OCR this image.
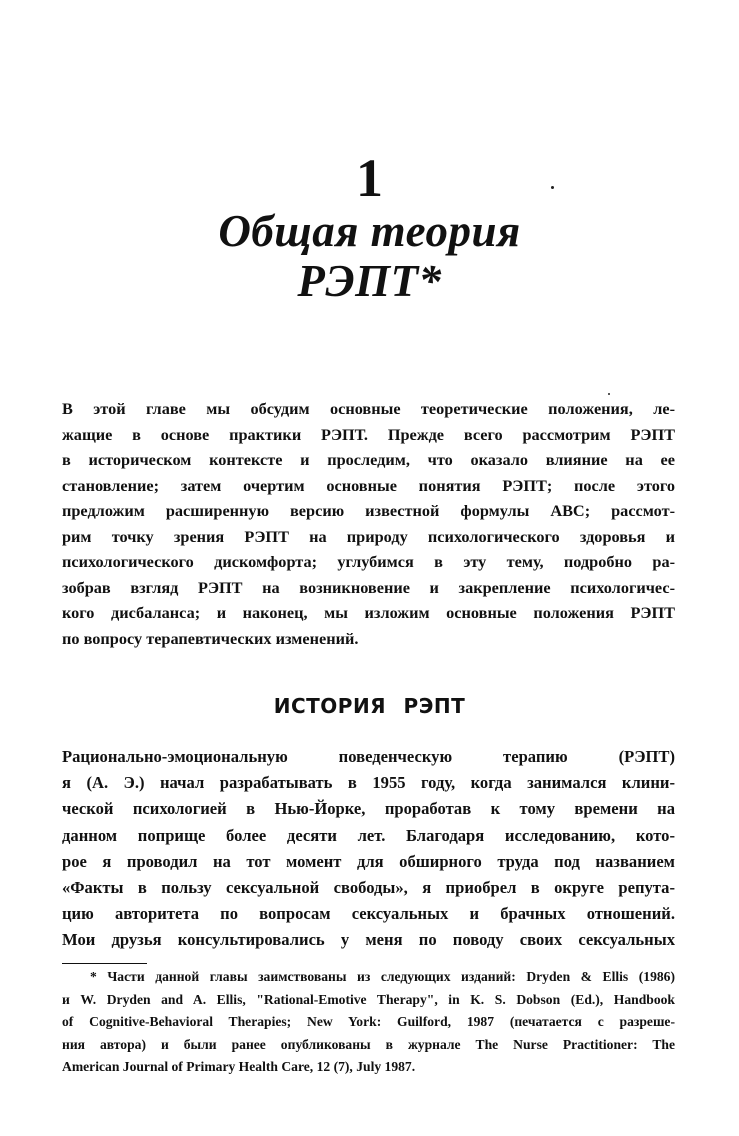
1
Общая теория
РЭПТ*

В этой главе мы обсудим основные теоретические положения, ле-
жащие в основе практики РЭПТ. Прежде всего рассмотрим РЭПТ
в историческом контексте и проследим, что оказало влияние на ее
становление; затем очертим основные понятия РЭПТ; после этого
предложим расширенную версию известной формулы АВС; рассмот-
рим точку зрения РЭПТ на природу психологического здоровья и
психологического дискомфорта; углубимся в эту тему, подробно ра-
зобрав взгляд РЭПТ на возникновение и закрепление психологичес-
кого дисбаланса; и наконец, мы изложим основные положения РЭПТ
по вопросу терапевтических изменений.

ИСТОРИЯ РЭПТ

Рационально-эмоциональную поведенческую терапию (РЭПТ)
я (А. Э.) начал разрабатывать в 1955 году, когда занимался клини-
ческой психологией в Нью-Йорке, проработав к тому времени на
данном поприще более десяти лет. Благодаря исследованию, кото-
рое я проводил на тот момент для обширного труда под названием
«Факты в пользу сексуальной свободы», я приобрел в округе репута-
цию авторитета по вопросам сексуальных и брачных отношений.
Мои друзья консультировались у меня по поводу своих сексуальных

* Части данной главы заимствованы из следующих изданий: Dryden & Ellis (1986)
и W. Dryden and A. Ellis, "Rational-Emotive Therapy", in K. S. Dobson (Ed.), Handbook
of Cognitive-Behavioral Therapies; New York: Guilford, 1987 (печатается с разреше-
ния автора) и были ранее опубликованы в журнале The Nurse Practitioner: The
American Journal of Primary Health Care, 12 (7), July 1987.
